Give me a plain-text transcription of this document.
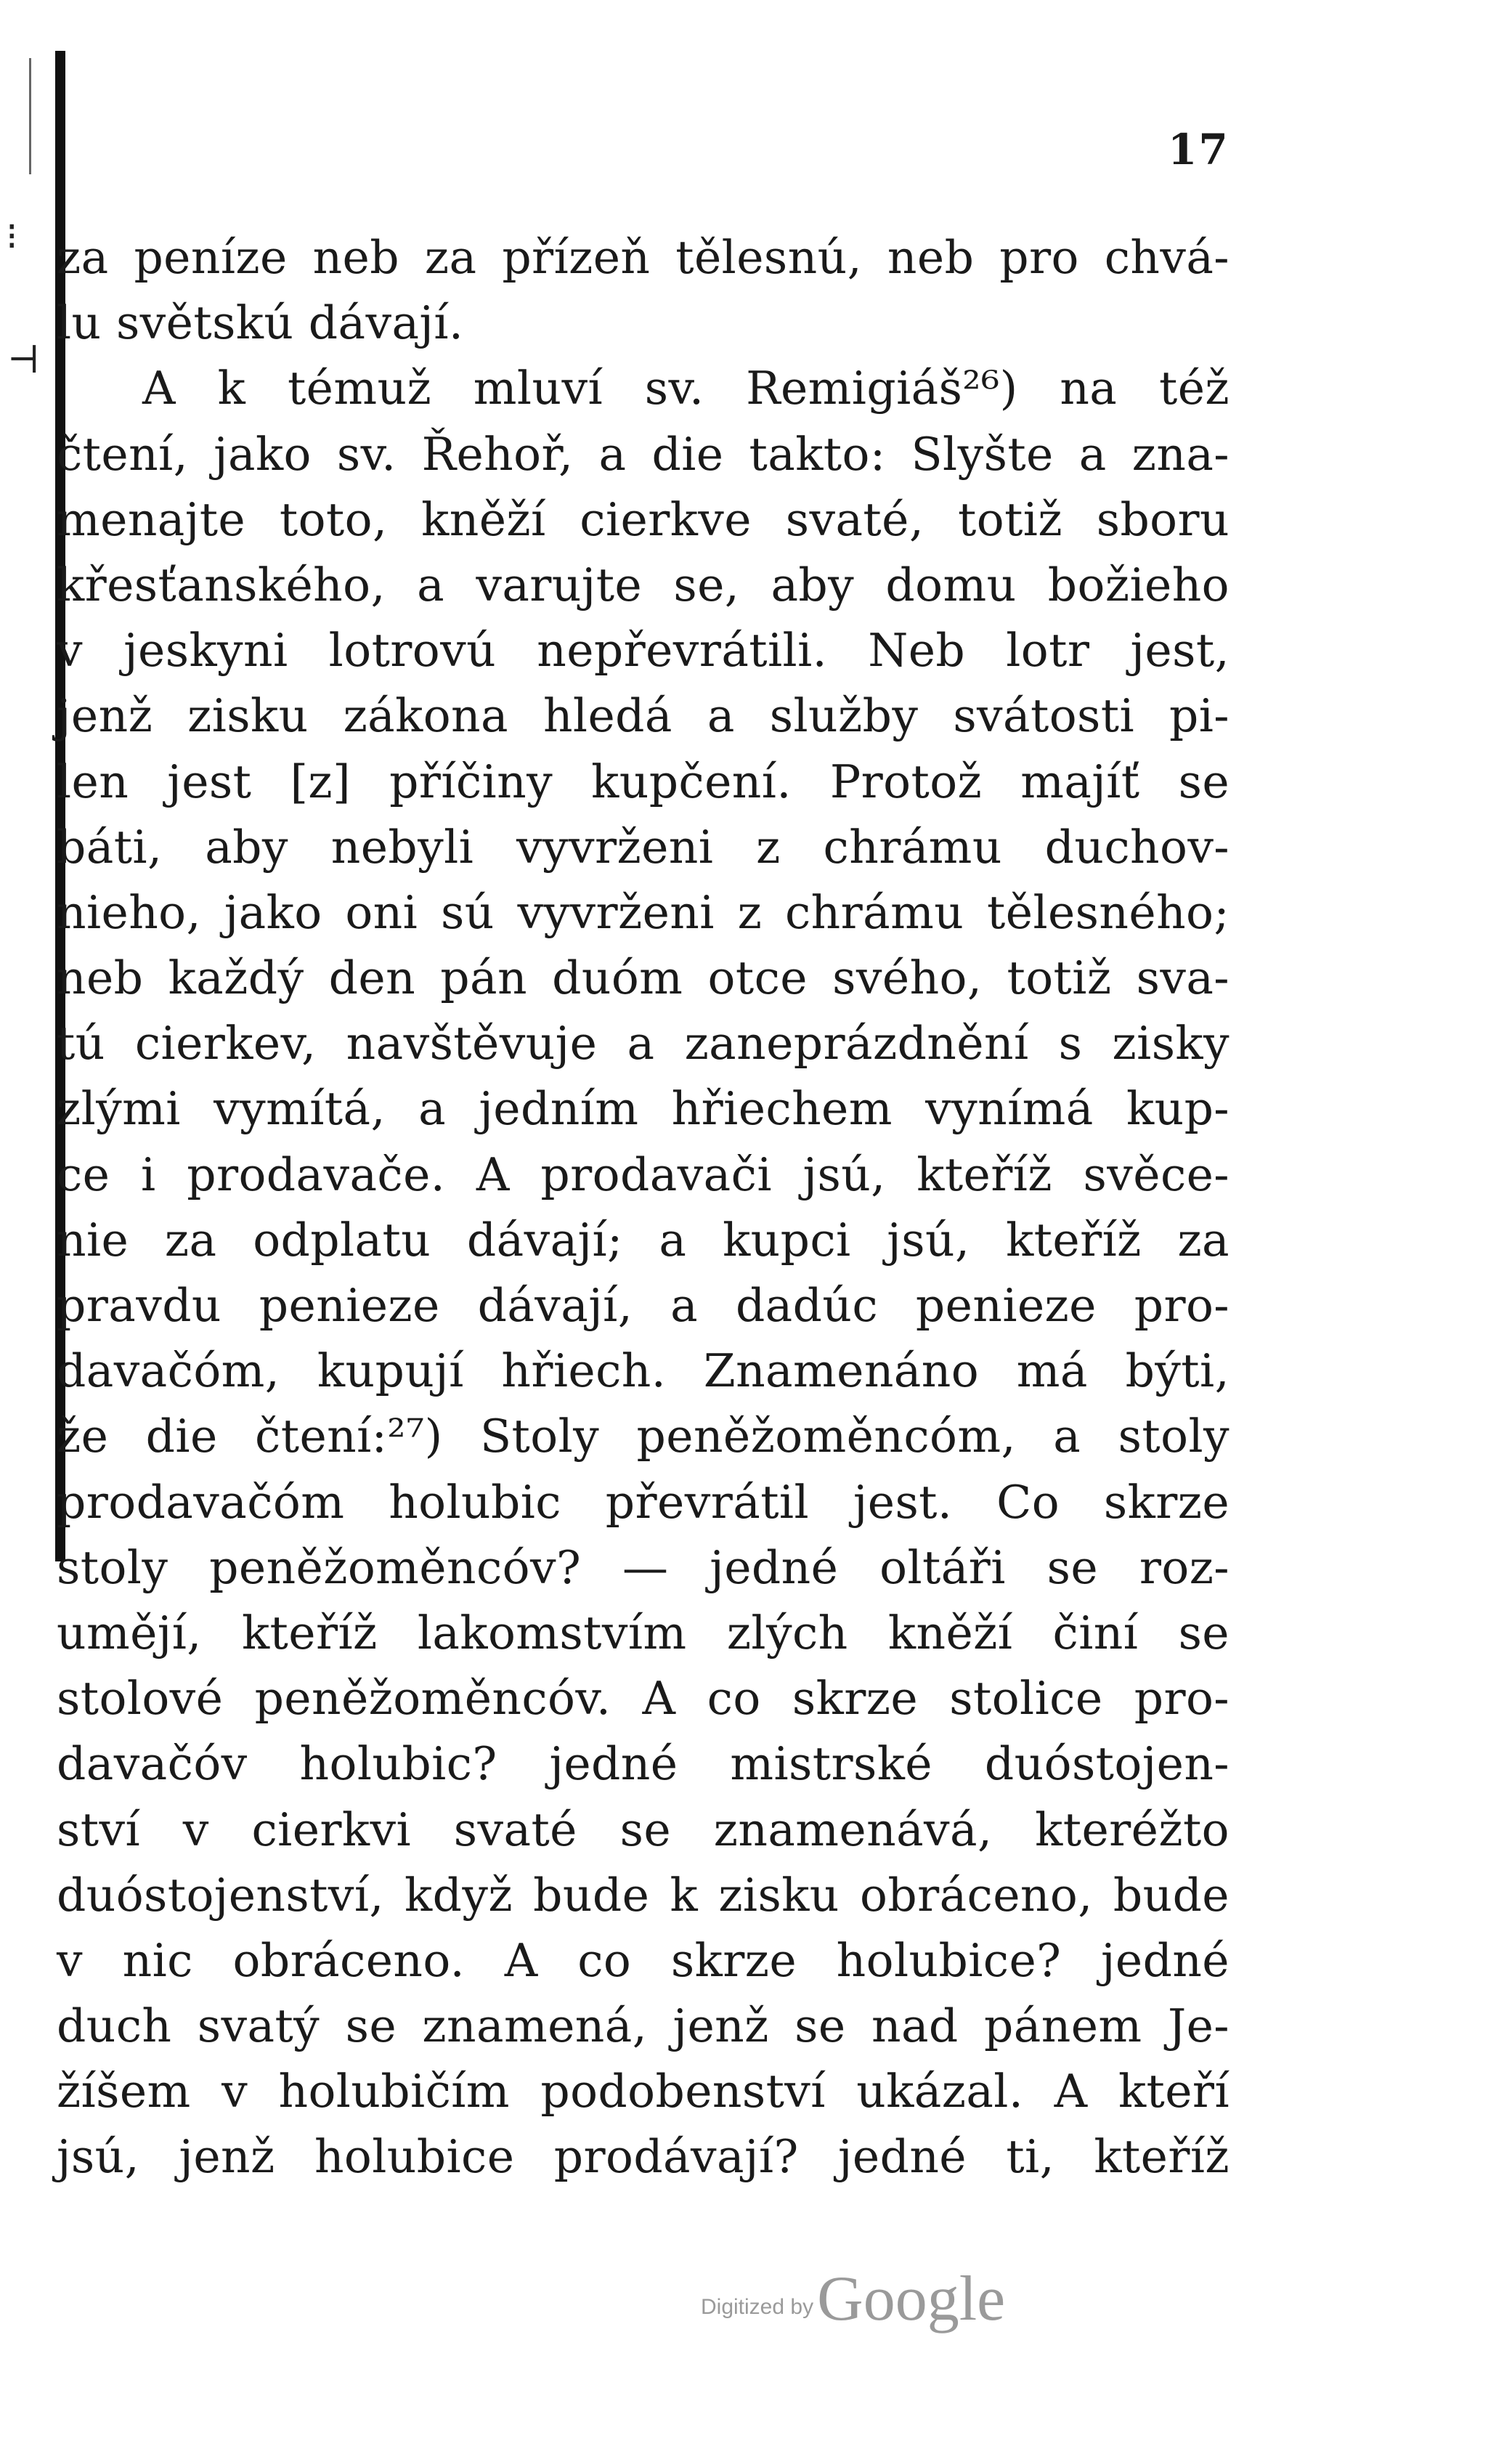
⁝
⊣
17
za peníze neb za přízeň tělesnú, neb pro chvá-
lu světskú dávají.
A k témuž mluví sv. Remigiáš²⁶) na též
čtení, jako sv. Řehoř, a die takto: Slyšte a zna-
menajte toto, kněží cierkve svaté, totiž sboru
křesťanského, a varujte se, aby domu božieho
v jeskyni lotrovú nepřevrátili. Neb lotr jest,
jenž zisku zákona hledá a služby svátosti pi-
len jest [z] příčiny kupčení. Protož majíť se
báti, aby nebyli vyvrženi z chrámu duchov-
nieho, jako oni sú vyvrženi z chrámu tělesného;
neb každý den pán duóm otce svého, totiž sva-
tú cierkev, navštěvuje a zaneprázdnění s zisky
zlými vymítá, a jedním hřiechem vynímá kup-
ce i prodavače. A prodavači jsú, kteříž svěce-
nie za odplatu dávají; a kupci jsú, kteříž za
pravdu penieze dávají, a dadúc penieze pro-
davačóm, kupují hřiech. Znamenáno má býti,
že die čtení:²⁷) Stoly peněžoměncóm, a stoly
prodavačóm holubic převrátil jest. Co skrze
stoly peněžoměncóv? — jedné oltáři se roz-
umějí, kteříž lakomstvím zlých kněží činí se
stolové peněžoměncóv. A co skrze stolice pro-
davačóv holubic? jedné mistrské duóstojen-
ství v cierkvi svaté se znamenává, kteréžto
duóstojenství, když bude k zisku obráceno, bude
v nic obráceno. A co skrze holubice? jedné
duch svatý se znamená, jenž se nad pánem Je-
žíšem v holubičím podobenství ukázal. A kteří
jsú, jenž holubice prodávají? jedné ti, kteříž
Digitized by Google
